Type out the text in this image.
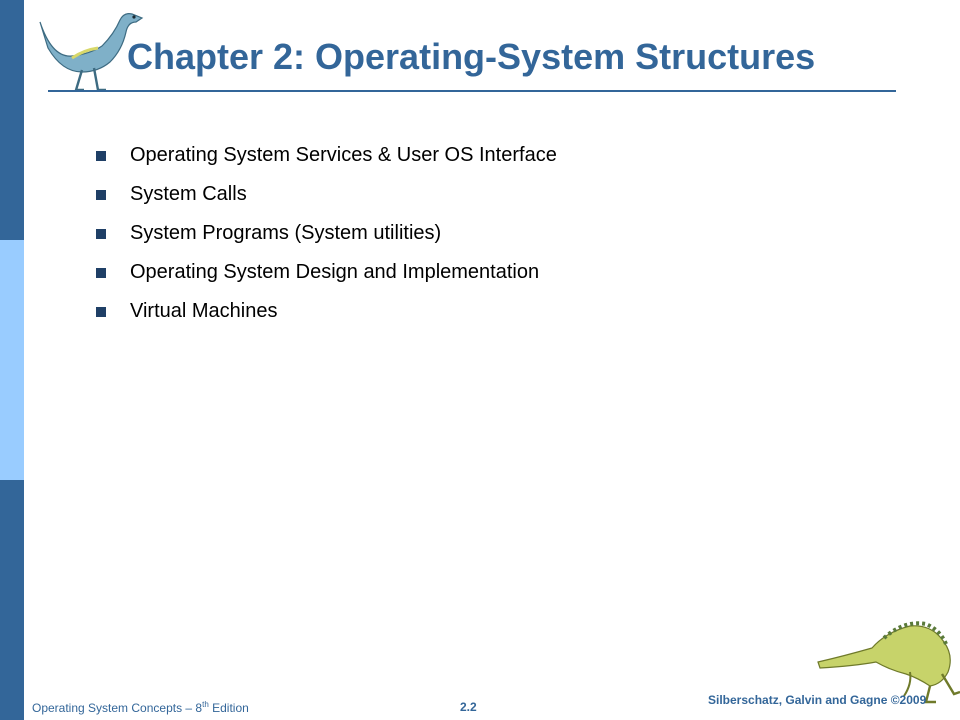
Chapter 2: Operating-System Structures
Operating System Services & User OS Interface
System Calls
System Programs (System utilities)
Operating System Design and Implementation
Virtual Machines
Operating System Concepts – 8th Edition	2.2	Silberschatz, Galvin and Gagne ©2009
